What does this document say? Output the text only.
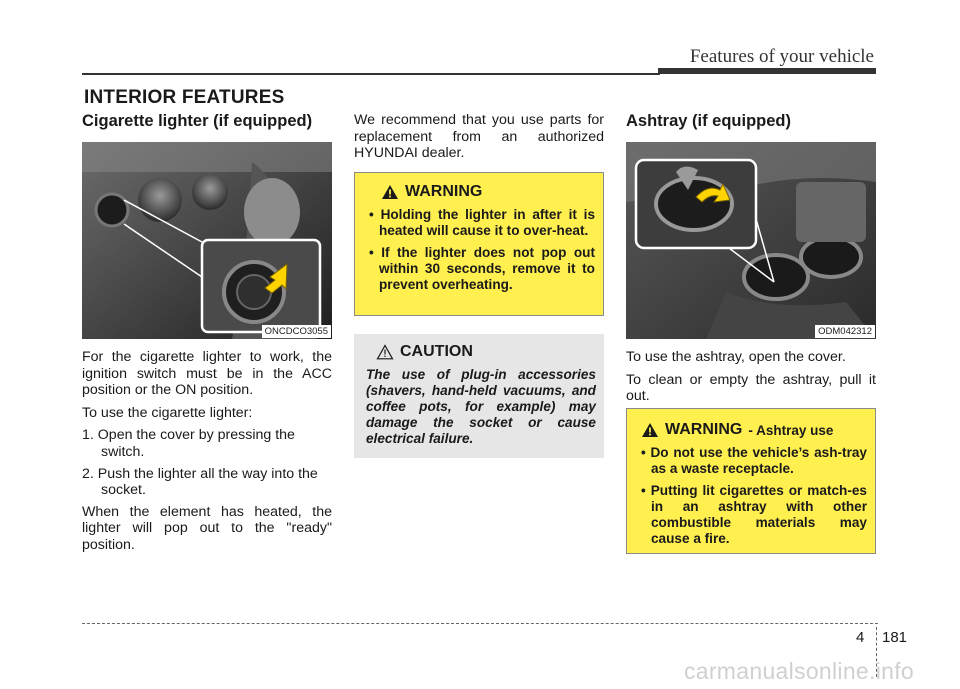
Features of your vehicle
INTERIOR FEATURES
Cigarette lighter (if equipped)
ONCDCO3055
For the cigarette lighter to work, the ignition switch must be in the ACC position or the ON position.
To use the cigarette lighter:
1. Open the cover by pressing the switch.
2. Push the lighter all the way into the socket.
When the element has heated, the lighter will pop out to the "ready" position.
We recommend that you use parts for replacement from an authorized HYUNDAI dealer.
WARNING
• Holding the lighter in after it is heated will cause it to over-heat.
• If the lighter does not pop out within 30 seconds, remove it to prevent overheating.
CAUTION
The use of plug-in accessories (shavers, hand-held vacuums, and coffee pots, for example) may damage the socket or cause electrical failure.
Ashtray (if equipped)
ODM042312
To use the ashtray, open the cover.
To clean or empty the ashtray, pull it out.
WARNING - Ashtray use
• Do not use the vehicle’s ash-tray as a waste receptacle.
• Putting lit cigarettes or match-es in an ashtray with other combustible materials may cause a fire.
4 181
carmanualsonline.info
